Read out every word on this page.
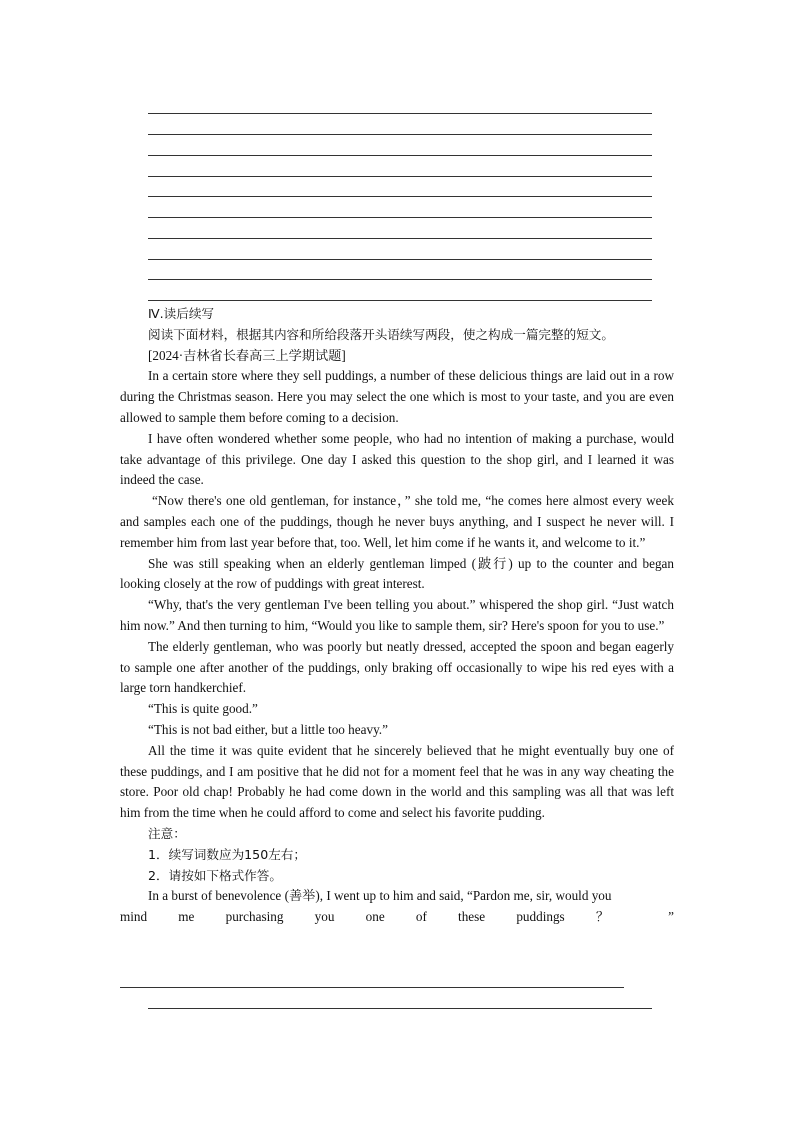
Ⅳ.读后续写
阅读下面材料，根据其内容和所给段落开头语续写两段，使之构成一篇完整的短文。
[2024·吉林省长春高三上学期试题]

In a certain store where they sell puddings, a number of these delicious things are laid out in a row during the Christmas season. Here you may select the one which is most to your taste, and you are even allowed to sample them before coming to a decision.

I have often wondered whether some people, who had no intention of making a purchase, would take advantage of this privilege. One day I asked this question to the shop girl, and I learned it was indeed the case.

“Now there's one old gentleman, for instance，” she told me, “he comes here almost every week and samples each one of the puddings, though he never buys anything, and I suspect he never will. I remember him from last year before that, too. Well, let him come if he wants it, and welcome to it.”

She was still speaking when an elderly gentleman limped (跛行) up to the counter and began looking closely at the row of puddings with great interest.

“Why, that's the very gentleman I've been telling you about.” whispered the shop girl. “Just watch him now.” And then turning to him, “Would you like to sample them, sir? Here's spoon for you to use.”

The elderly gentleman, who was poorly but neatly dressed, accepted the spoon and began eagerly to sample one after another of the puddings, only braking off occasionally to wipe his red eyes with a large torn handkerchief.

“This is quite good.”

“This is not bad either, but a little too heavy.”

All the time it was quite evident that he sincerely believed that he might eventually buy one of these puddings, and I am positive that he did not for a moment feel that he was in any way cheating the store. Poor old chap! Probably he had come down in the world and this sampling was all that was left him from the time when he could afford to come and select his favorite pudding.

注意：
1．续写词数应为150左右；
2．请按如下格式作答。

In a burst of benevolence (善举), I went up to him and said, “Pardon me, sir, would you

mind me purchasing you one of these puddings ？ ”
